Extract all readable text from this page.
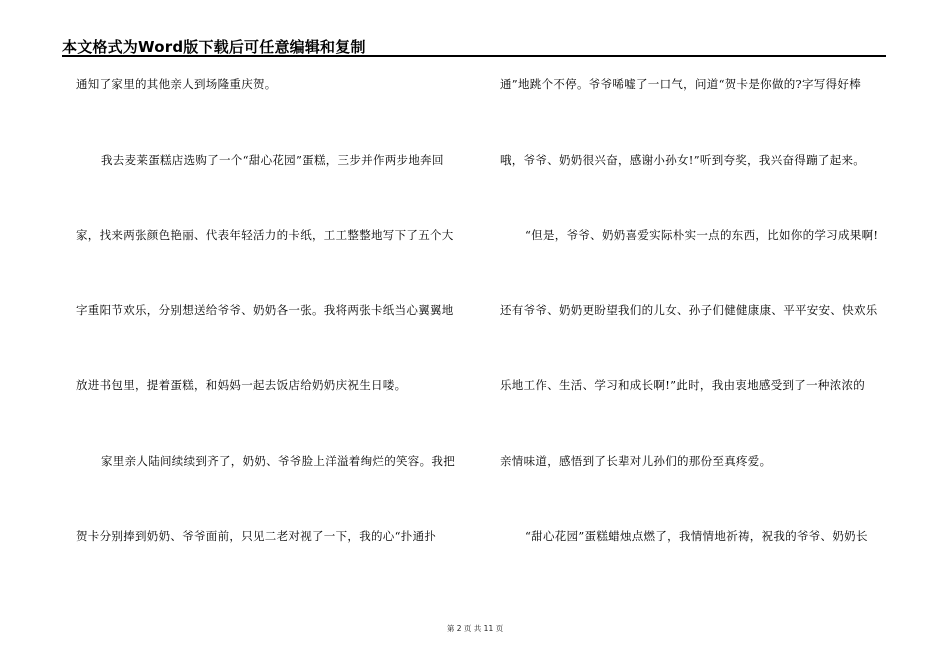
本文格式为Word版下载后可任意编辑和复制
通知了家里的其他亲人到场隆重庆贺。
我去麦莱蛋糕店选购了一个“甜心花园”蛋糕，三步并作两步地奔回
家，找来两张颜色艳丽、代表年轻活力的卡纸，工工整整地写下了五个大
字重阳节欢乐，分别想送给爷爷、奶奶各一张。我将两张卡纸当心翼翼地
放进书包里，提着蛋糕，和妈妈一起去饭店给奶奶庆祝生日喽。
家里亲人陆间续续到齐了，奶奶、爷爷脸上洋溢着绚烂的笑容。我把
贺卡分别捧到奶奶、爷爷面前，只见二老对视了一下，我的心“扑通扑
通”地跳个不停。爷爷唏嘘了一口气，问道“贺卡是你做的?字写得好棒
哦，爷爷、奶奶很兴奋，感谢小孙女!”听到夸奖，我兴奋得蹦了起来。
“但是，爷爷、奶奶喜爱实际朴实一点的东西，比如你的学习成果啊!
还有爷爷、奶奶更盼望我们的儿女、孙子们健健康康、平平安安、快欢乐
乐地工作、生活、学习和成长啊!”此时，我由衷地感受到了一种浓浓的
亲情味道，感悟到了长辈对儿孙们的那份至真疼爱。
“甜心花园”蛋糕蜡烛点燃了，我情情地祈祷，祝我的爷爷、奶奶长
第 2 页 共 11 页
